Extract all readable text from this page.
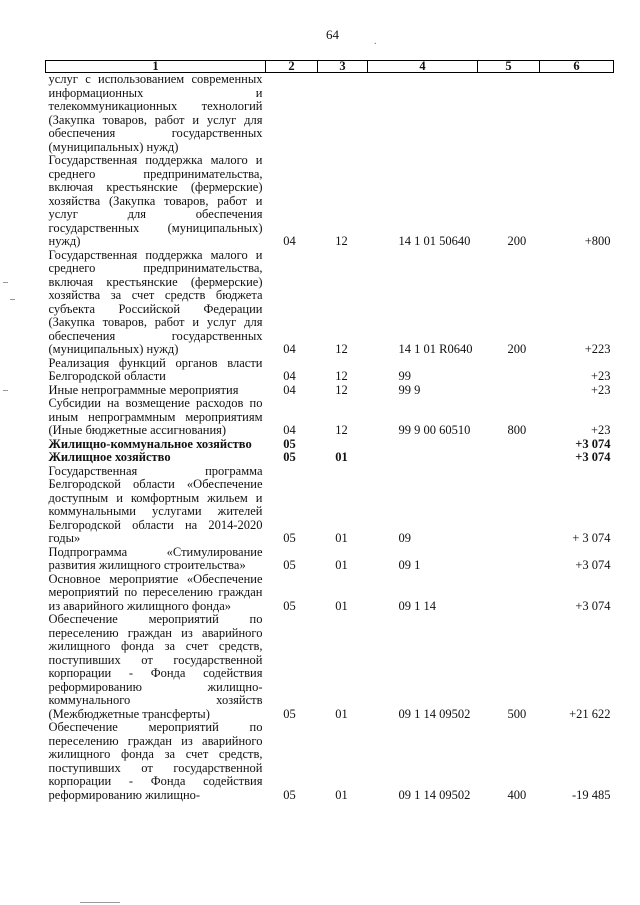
64	.
1	2	3	4	5	6
услуг с использованием современных информационных и телекоммуникационных технологий (Закупка товаров, работ и услуг для обеспечения государственных (муниципальных) нужд)					
Государственная поддержка малого и среднего предпринимательства, включая крестьянские (фермерские) хозяйства (Закупка товаров, работ и услуг для обеспечения государственных (муниципальных) нужд)	04	12	14 1 01 50640	200	+800
Государственная поддержка малого и среднего предпринимательства, включая крестьянские (фермерские) хозяйства за счет средств бюджета субъекта Российской Федерации (Закупка товаров, работ и услуг для обеспечения государственных (муниципальных) нужд)	04	12	14 1 01 R0640	200	+223
Реализация функций органов власти Белгородской области	04	12	99		+23
Иные непрограммные мероприятия	04	12	99 9		+23
Субсидии на возмещение расходов по иным непрограммным мероприятиям (Иные бюджетные ассигнования)	04	12	99 9 00 60510	800	+23
Жилищно-коммунальное хозяйство	05				+3 074
Жилищное хозяйство	05	01			+3 074
Государственная программа Белгородской области «Обеспечение доступным и комфортным жильем и коммунальными услугами жителей Белгородской области на 2014-2020 годы»	05	01	09		+ 3 074
Подпрограмма «Стимулирование развития жилищного строительства»	05	01	09 1		+3 074
Основное мероприятие «Обеспечение мероприятий по переселению граждан из аварийного жилищного фонда»	05	01	09 1 14		+3 074
Обеспечение мероприятий по переселению граждан из аварийного жилищного фонда за счет средств, поступивших от государственной корпорации - Фонда содействия реформированию жилищно-коммунального хозяйств (Межбюджетные трансферты)	05	01	09 1 14 09502	500	+21 622
Обеспечение мероприятий по переселению граждан из аварийного жилищного фонда за счет средств, поступивших от государственной корпорации - Фонда содействия реформированию жилищно-	05	01	09 1 14 09502	400	-19 485
